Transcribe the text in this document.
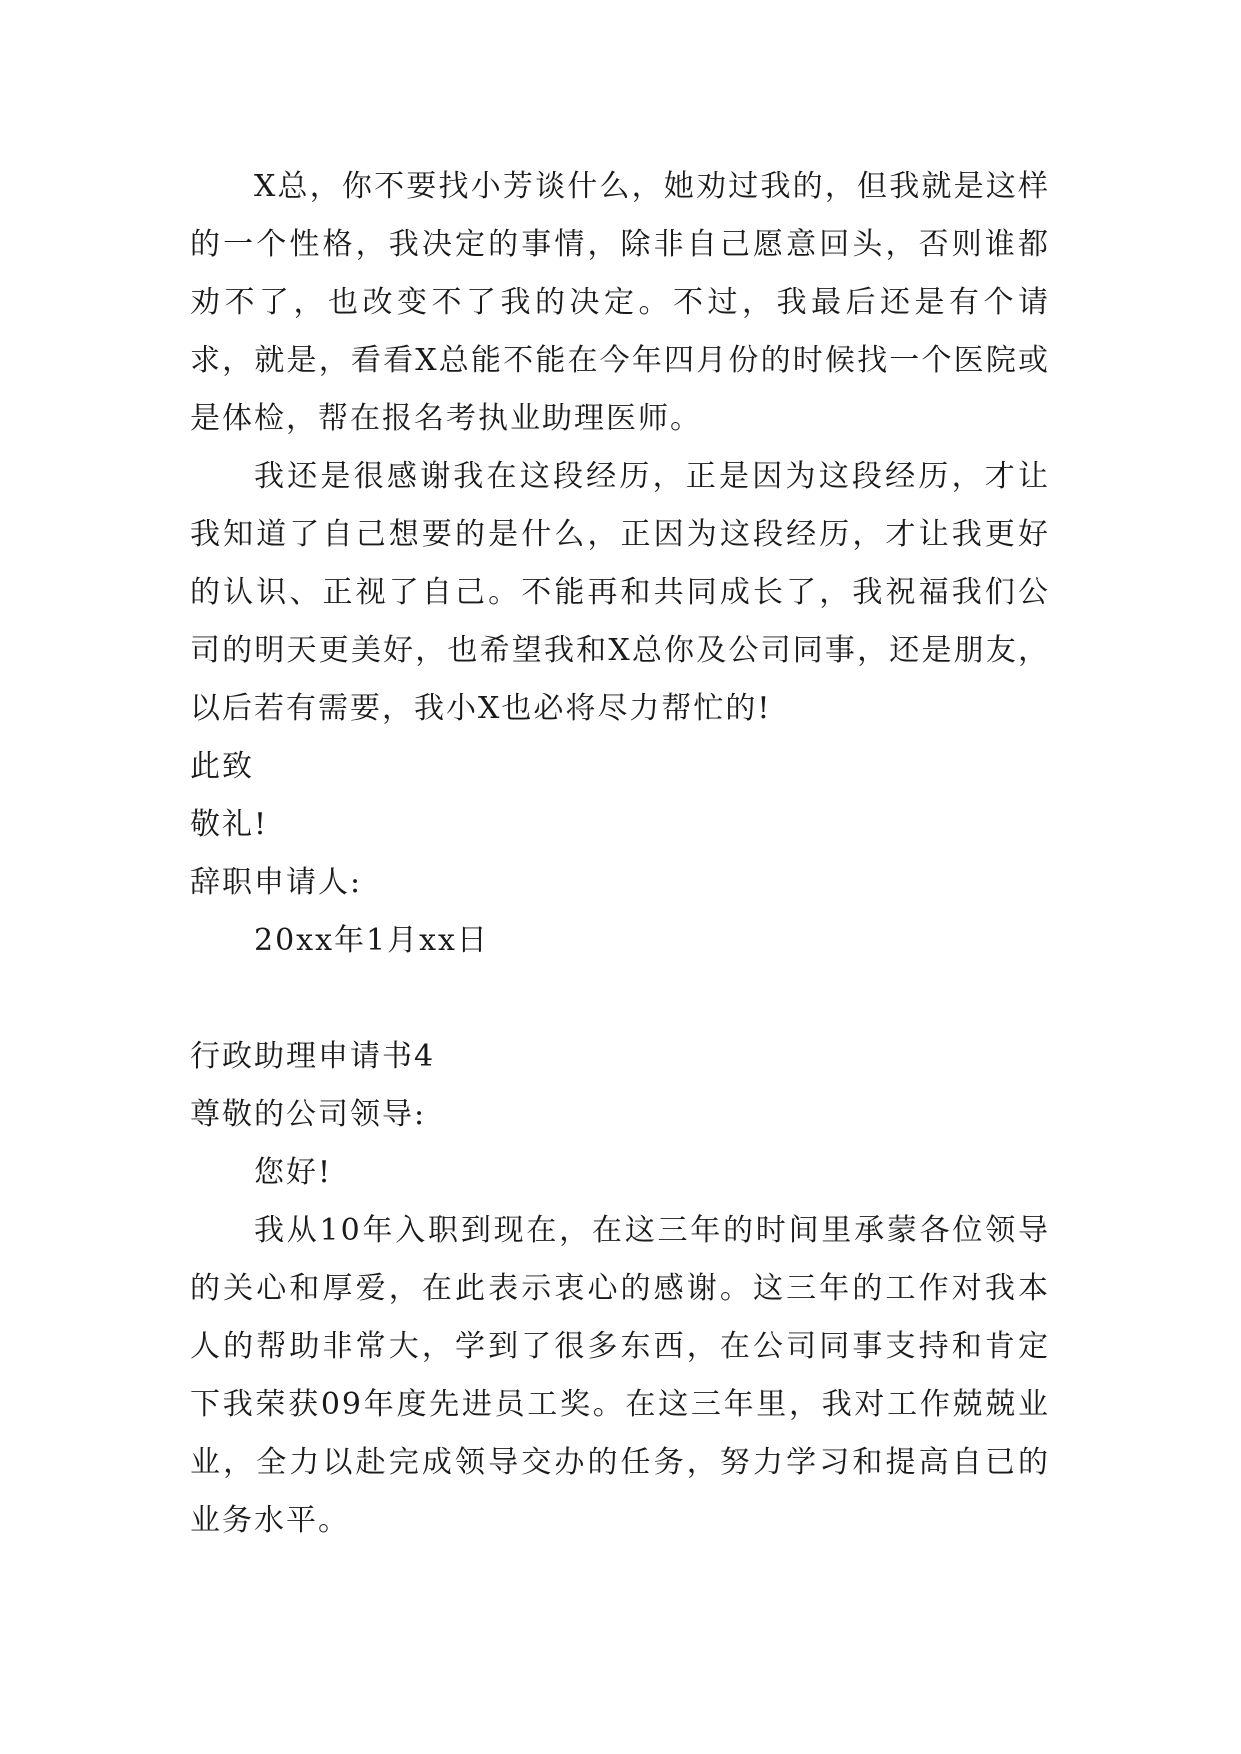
X总，你不要找小芳谈什么，她劝过我的，但我就是这样的一个性格，我决定的事情，除非自己愿意回头，否则谁都劝不了，也改变不了我的决定。不过，我最后还是有个请求，就是，看看X总能不能在今年四月份的时候找一个医院或是体检，帮在报名考执业助理医师。

我还是很感谢我在这段经历，正是因为这段经历，才让我知道了自己想要的是什么，正因为这段经历，才让我更好的认识、正视了自己。不能再和共同成长了，我祝福我们公司的明天更美好，也希望我和X总你及公司同事，还是朋友，以后若有需要，我小X也必将尽力帮忙的!

此致

敬礼!

辞职申请人:

20xx年1月xx日

行政助理申请书4

尊敬的公司领导:

您好!

我从10年入职到现在，在这三年的时间里承蒙各位领导的关心和厚爱，在此表示衷心的感谢。这三年的工作对我本人的帮助非常大，学到了很多东西，在公司同事支持和肯定下我荣获09年度先进员工奖。在这三年里，我对工作兢兢业业，全力以赴完成领导交办的任务，努力学习和提高自已的业务水平。
